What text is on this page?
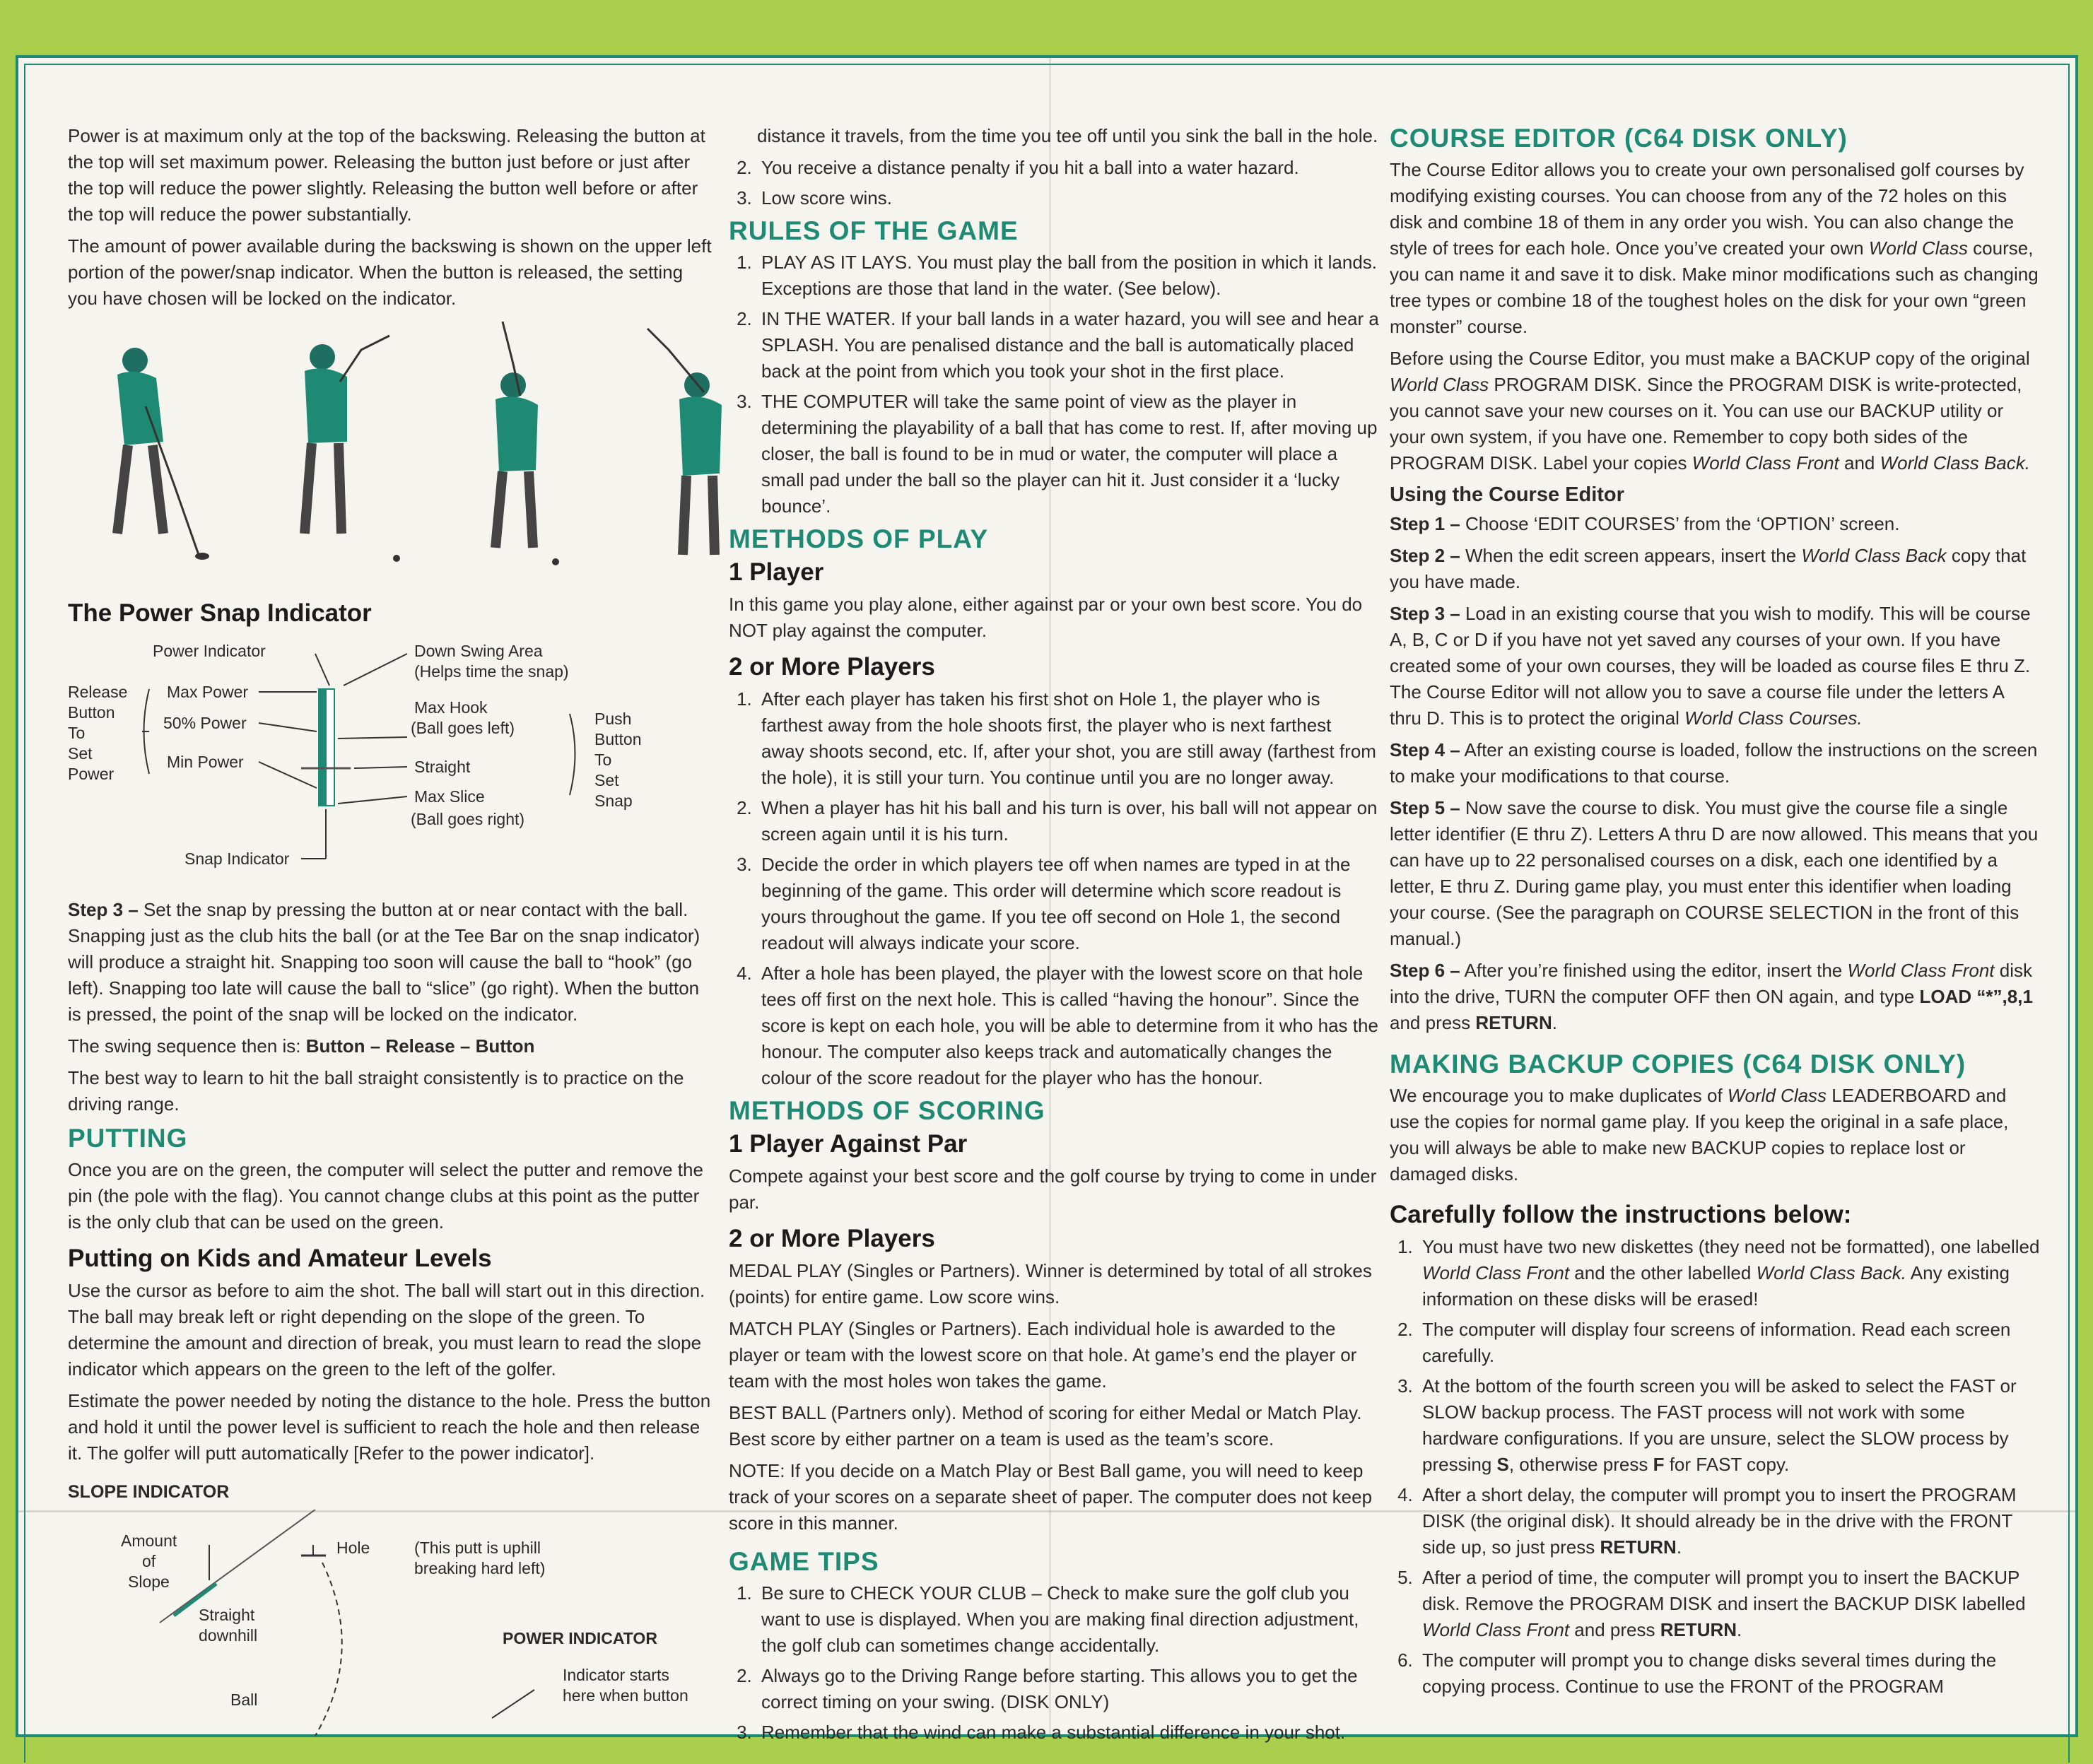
Power is at maximum only at the top of the backswing. Releasing the button at the top will set maximum power. Releasing the button just before or just after the top will reduce the power slightly. Releasing the button well before or after the top will reduce the power substantially.

The amount of power available during the backswing is shown on the upper left portion of the power/snap indicator. When the button is released, the setting you have chosen will be locked on the indicator.

The Power Snap Indicator
Power Indicator	Down Swing Area
(Helps time the snap)
Release
Button
To
Set
Power
Max Power
50% Power
Min Power
Max Hook
(Ball goes left)
Straight
Max Slice
(Ball goes right)
Push
Button
To
Set
Snap
Snap Indicator

Step 3 – Set the snap by pressing the button at or near contact with the ball. Snapping just as the club hits the ball (or at the Tee Bar on the snap indicator) will produce a straight hit. Snapping too soon will cause the ball to “hook” (go left). Snapping too late will cause the ball to “slice” (go right). When the button is pressed, the point of the snap will be locked on the indicator.

The swing sequence then is: Button – Release – Button

The best way to learn to hit the ball straight consistently is to practice on the driving range.

PUTTING

Once you are on the green, the computer will select the putter and remove the pin (the pole with the flag). You cannot change clubs at this point as the putter is the only club that can be used on the green.

Putting on Kids and Amateur Levels

Use the cursor as before to aim the shot. The ball will start out in this direction. The ball may break left or right depending on the slope of the green. To determine the amount and direction of break, you must learn to read the slope indicator which appears on the green to the left of the golfer.

Estimate the power needed by noting the distance to the hole. Press the button and hold it until the power level is sufficient to reach the hole and then release it. The golfer will putt automatically [Refer to the power indicator].

SLOPE INDICATOR
Amount
of
Slope
Hole	(This putt is uphill
breaking hard left)
Straight
downhill	POWER INDICATOR
Indicator starts
here when button
Ball

distance it travels, from the time you tee off until you sink the ball in the hole.

2. You receive a distance penalty if you hit a ball into a water hazard.
3. Low score wins.
RULES OF THE GAME
1. PLAY AS IT LAYS. You must play the ball from the position in which it lands. Exceptions are those that land in the water. (See below).
2. IN THE WATER. If your ball lands in a water hazard, you will see and hear a SPLASH. You are penalised distance and the ball is automatically placed back at the point from which you took your shot in the first place.
3. THE COMPUTER will take the same point of view as the player in determining the playability of a ball that has come to rest. If, after moving up closer, the ball is found to be in mud or water, the computer will place a small pad under the ball so the player can hit it. Just consider it a ‘lucky bounce’.
METHODS OF PLAY
1 Player

In this game you play alone, either against par or your own best score. You do NOT play against the computer.

2 or More Players
1. After each player has taken his first shot on Hole 1, the player who is farthest away from the hole shoots first, the player who is next farthest away shoots second, etc. If, after your shot, you are still away (farthest from the hole), it is still your turn. You continue until you are no longer away.
2. When a player has hit his ball and his turn is over, his ball will not appear on screen again until it is his turn.
3. Decide the order in which players tee off when names are typed in at the beginning of the game. This order will determine which score readout is yours throughout the game. If you tee off second on Hole 1, the second readout will always indicate your score.
4. After a hole has been played, the player with the lowest score on that hole tees off first on the next hole. This is called “having the honour”. Since the score is kept on each hole, you will be able to determine from it who has the honour. The computer also keeps track and automatically changes the colour of the score readout for the player who has the honour.
METHODS OF SCORING
1 Player Against Par

Compete against your best score and the golf course by trying to come in under par.

2 or More Players

MEDAL PLAY (Singles or Partners). Winner is determined by total of all strokes (points) for entire game. Low score wins.

MATCH PLAY (Singles or Partners). Each individual hole is awarded to the player or team with the lowest score on that hole. At game’s end the player or team with the most holes won takes the game.

BEST BALL (Partners only). Method of scoring for either Medal or Match Play. Best score by either partner on a team is used as the team’s score.

NOTE: If you decide on a Match Play or Best Ball game, you will need to keep track of your scores on a separate sheet of paper. The computer does not keep score in this manner.

GAME TIPS
1. Be sure to CHECK YOUR CLUB – Check to make sure the golf club you want to use is displayed. When you are making final direction adjustment, the golf club can sometimes change accidentally.
2. Always go to the Driving Range before starting. This allows you to get the correct timing on your swing. (DISK ONLY)
3. Remember that the wind can make a substantial difference in your shot.
COURSE EDITOR (C64 DISK ONLY)

The Course Editor allows you to create your own personalised golf courses by modifying existing courses. You can choose from any of the 72 holes on this disk and combine 18 of them in any order you wish. You can also change the style of trees for each hole. Once you’ve created your own World Class course, you can name it and save it to disk. Make minor modifications such as changing tree types or combine 18 of the toughest holes on the disk for your own “green monster” course.

Before using the Course Editor, you must make a BACKUP copy of the original World Class PROGRAM DISK. Since the PROGRAM DISK is write-protected, you cannot save your new courses on it. You can use our BACKUP utility or your own system, if you have one. Remember to copy both sides of the PROGRAM DISK. Label your copies World Class Front and World Class Back.

Using the Course Editor

Step 1 – Choose ‘EDIT COURSES’ from the ‘OPTION’ screen.

Step 2 – When the edit screen appears, insert the World Class Back copy that you have made.

Step 3 – Load in an existing course that you wish to modify. This will be course A, B, C or D if you have not yet saved any courses of your own. If you have created some of your own courses, they will be loaded as course files E thru Z. The Course Editor will not allow you to save a course file under the letters A thru D. This is to protect the original World Class Courses.

Step 4 – After an existing course is loaded, follow the instructions on the screen to make your modifications to that course.

Step 5 – Now save the course to disk. You must give the course file a single letter identifier (E thru Z). Letters A thru D are now allowed. This means that you can have up to 22 personalised courses on a disk, each one identified by a letter, E thru Z. During game play, you must enter this identifier when loading your course. (See the paragraph on COURSE SELECTION in the front of this manual.)

Step 6 – After you’re finished using the editor, insert the World Class Front disk into the drive, TURN the computer OFF then ON again, and type LOAD “*”,8,1 and press RETURN.

MAKING BACKUP COPIES (C64 DISK ONLY)

We encourage you to make duplicates of World Class LEADERBOARD and use the copies for normal game play. If you keep the original in a safe place, you will always be able to make new BACKUP copies to replace lost or damaged disks.

Carefully follow the instructions below:
1. You must have two new diskettes (they need not be formatted), one labelled World Class Front and the other labelled World Class Back. Any existing information on these disks will be erased!
2. The computer will display four screens of information. Read each screen carefully.
3. At the bottom of the fourth screen you will be asked to select the FAST or SLOW backup process. The FAST process will not work with some hardware configurations. If you are unsure, select the SLOW process by pressing S, otherwise press F for FAST copy.
4. After a short delay, the computer will prompt you to insert the PROGRAM DISK (the original disk). It should already be in the drive with the FRONT side up, so just press RETURN.
5. After a period of time, the computer will prompt you to insert the BACKUP disk. Remove the PROGRAM DISK and insert the BACKUP DISK labelled World Class Front and press RETURN.
6. The computer will prompt you to change disks several times during the copying process. Continue to use the FRONT of the PROGRAM
